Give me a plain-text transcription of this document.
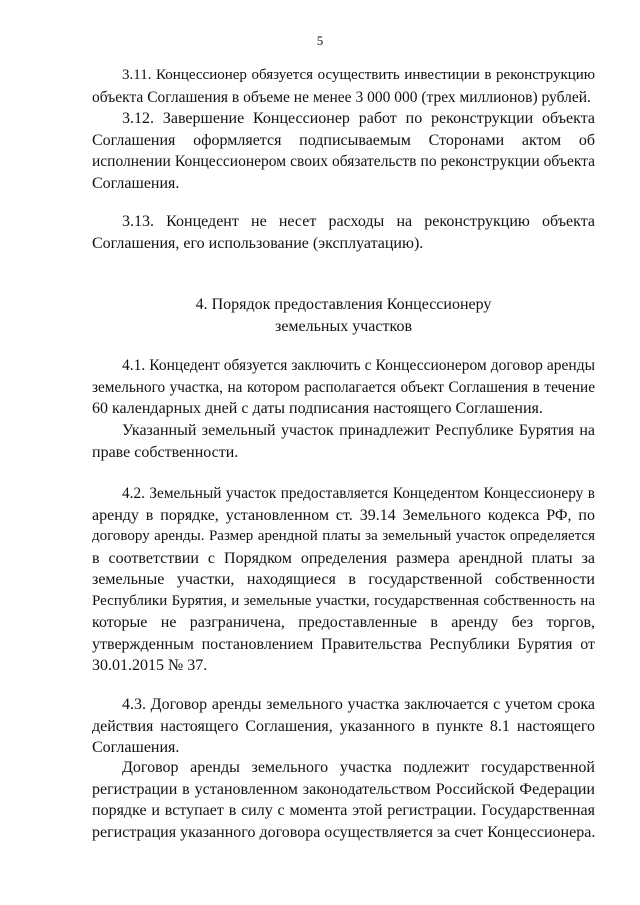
5
3.11. Концессионер обязуется осуществить инвестиции в реконструкцию
объекта Соглашения в объеме не менее 3 000 000 (трех миллионов) рублей.
3.12. Завершение Концессионер работ по реконструкции объекта
Соглашения оформляется подписываемым Сторонами актом об
исполнении Концессионером своих обязательств по реконструкции объекта
Соглашения.
3.13. Концедент не несет расходы на реконструкцию объекта
Соглашения, его использование (эксплуатацию).
4. Порядок предоставления Концессионеру
земельных участков
4.1. Концедент обязуется заключить с Концессионером договор аренды
земельного участка, на котором располагается объект Соглашения в течение
60 календарных дней с даты подписания настоящего Соглашения.
Указанный земельный участок принадлежит Республике Бурятия на
праве собственности.
4.2. Земельный участок предоставляется Концедентом Концессионеру в
аренду в порядке, установленном ст. 39.14 Земельного кодекса РФ, по
договору аренды. Размер арендной платы за земельный участок определяется
в соответствии с Порядком определения размера арендной платы за
земельные участки, находящиеся в государственной собственности
Республики Бурятия, и земельные участки, государственная собственность на
которые не разграничена, предоставленные в аренду без торгов,
утвержденным постановлением Правительства Республики Бурятия от
30.01.2015 № 37.
4.3. Договор аренды земельного участка заключается с учетом срока
действия настоящего Соглашения, указанного в пункте 8.1 настоящего
Соглашения.
Договор аренды земельного участка подлежит государственной
регистрации в установленном законодательством Российской Федерации
порядке и вступает в силу с момента этой регистрации. Государственная
регистрация указанного договора осуществляется за счет Концессионера.
